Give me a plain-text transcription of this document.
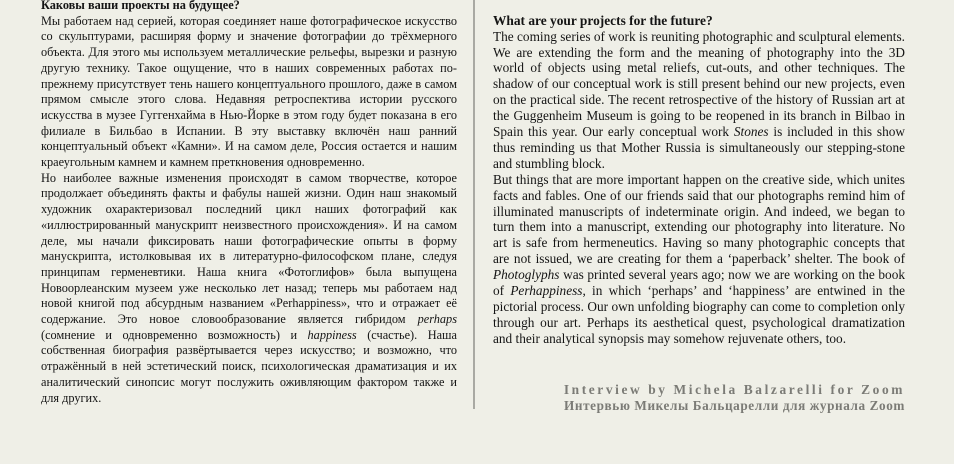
Каковы ваши проекты на будущее?

Мы работаем над серией, которая соединяет наше фотографическое искусство со скульптурами, расширяя форму и значение фотографии до трёхмерного объекта. Для этого мы используем металлические рельефы, вырезки и разную другую технику. Такое ощущение, что в наших современных работах по-прежнему присутствует тень нашего концептуального прошлого, даже в самом прямом смысле этого слова. Недавняя ретроспектива истории русского искусства в музее Гуггенхайма в Нью-Йорке в этом году будет показана в его филиале в Бильбао в Испании. В эту выставку включён наш ранний концептуальный объект «Камни». И на самом деле, Россия остается и нашим краеугольным камнем и камнем преткновения одновременно.

Но наиболее важные изменения происходят в самом творчестве, которое продолжает объединять факты и фабулы нашей жизни. Один наш знакомый художник охарактеризовал последний цикл наших фотографий как «иллюстрированный манускрипт неизвестного происхождения». И на самом деле, мы начали фиксировать наши фотографические опыты в форму манускрипта, истолковывая их в литературно-философском плане, следуя принципам герменевтики. Наша книга «Фотоглифов» была выпущена Новоорлеанским музеем уже несколько лет назад; теперь мы работаем над новой книгой под абсурдным названием «Perhappiness», что и отражает её содержание. Это новое словообразование является гибридом perhaps (сомнение и одновременно возможность) и happiness (счастье). Наша собственная биография развёртывается через искусство; и возможно, что отражённый в ней эстетический поиск, психологическая драматизация и их аналитический синопсис могут послужить оживляющим фактором также и для других.

What are your projects for the future?

The coming series of work is reuniting photographic and sculptural elements. We are extending the form and the meaning of photography into the 3D world of objects using metal reliefs, cut-outs, and other techniques. The shadow of our conceptual work is still present behind our new projects, even on the practical side. The recent retrospective of the history of Russian art at the Guggenheim Museum is going to be reopened in its branch in Bilbao in Spain this year. Our early conceptual work Stones is included in this show thus reminding us that Mother Russia is simultaneously our stepping-stone and stumbling block.

But things that are more important happen on the creative side, which unites facts and fables. One of our friends said that our photographs remind him of illuminated manuscripts of indeterminate origin. And indeed, we began to turn them into a manuscript, extending our photography into literature. No art is safe from hermeneutics. Having so many photographic concepts that are not issued, we are creating for them a ‘paperback’ shelter. The book of Photoglyphs was printed several years ago; now we are working on the book of Perhappiness, in which ‘perhaps’ and ‘happiness’ are entwined in the pictorial process. Our own unfolding biography can come to completion only through our art. Perhaps its aesthetical quest, psychological dramatization and their analytical synopsis may somehow rejuvenate others, too.

Interview by Michela Balzarelli for Zoom
Интервью Микелы Бальцарелли для журнала Zoom
